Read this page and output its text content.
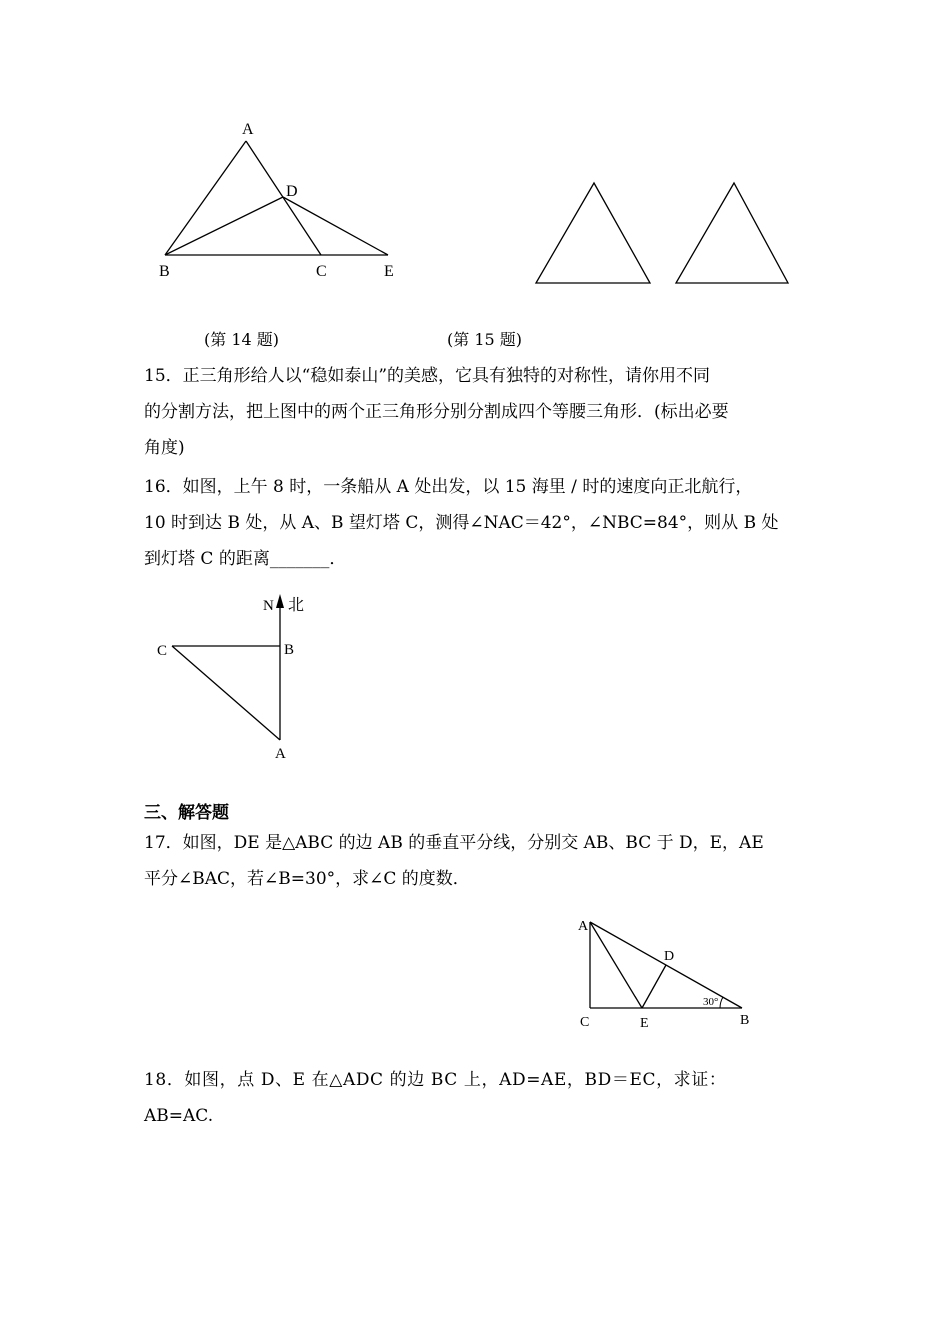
A
D
B	C	E
(第 14 题)	(第 15 题)
15．正三角形给人以“稳如泰山”的美感，它具有独特的对称性，请你用不同
的分割方法，把上图中的两个正三角形分别分割成四个等腰三角形．(标出必要
角度)
16．如图，上午 8 时，一条船从 A 处出发，以 15 海里 / 时的速度向正北航行，
10 时到达 B 处，从 A、B 望灯塔 C，测得∠NAC＝42°，∠NBC=84°，则从 B 处
到灯塔 C 的距离_______．
N 北
C	B
A
三、解答题
17．如图，DE 是△ABC 的边 AB 的垂直平分线，分别交 AB、BC 于 D，E，AE
平分∠BAC，若∠B=30°，求∠C 的度数．
A
D
C	E	B
30°
18．如图，点 D、E 在△ADC 的边 BC 上，AD=AE，BD＝EC，求证：
AB=AC.
